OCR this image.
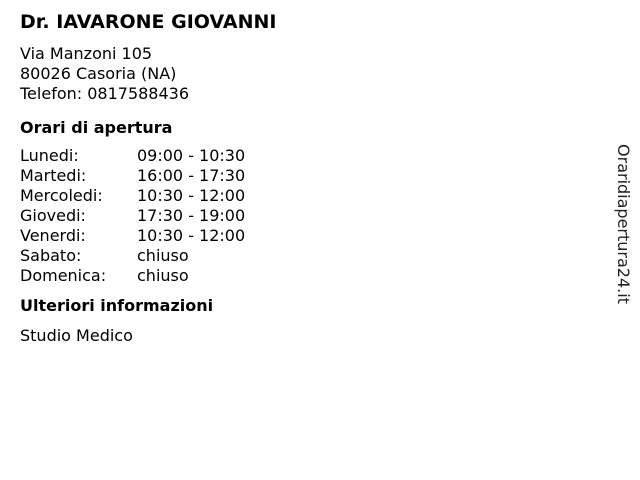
Dr. IAVARONE GIOVANNI
Via Manzoni 105
80026 Casoria (NA)
Telefon: 0817588436
Orari di apertura
Lunedi:	09:00 - 10:30
Martedi:	16:00 - 17:30
Mercoledi:	10:30 - 12:00
Giovedi:	17:30 - 19:00
Venerdi:	10:30 - 12:00
Sabato:	chiuso
Domenica:	chiuso
Ulteriori informazioni
Studio Medico
Oraridiapertura24.it
